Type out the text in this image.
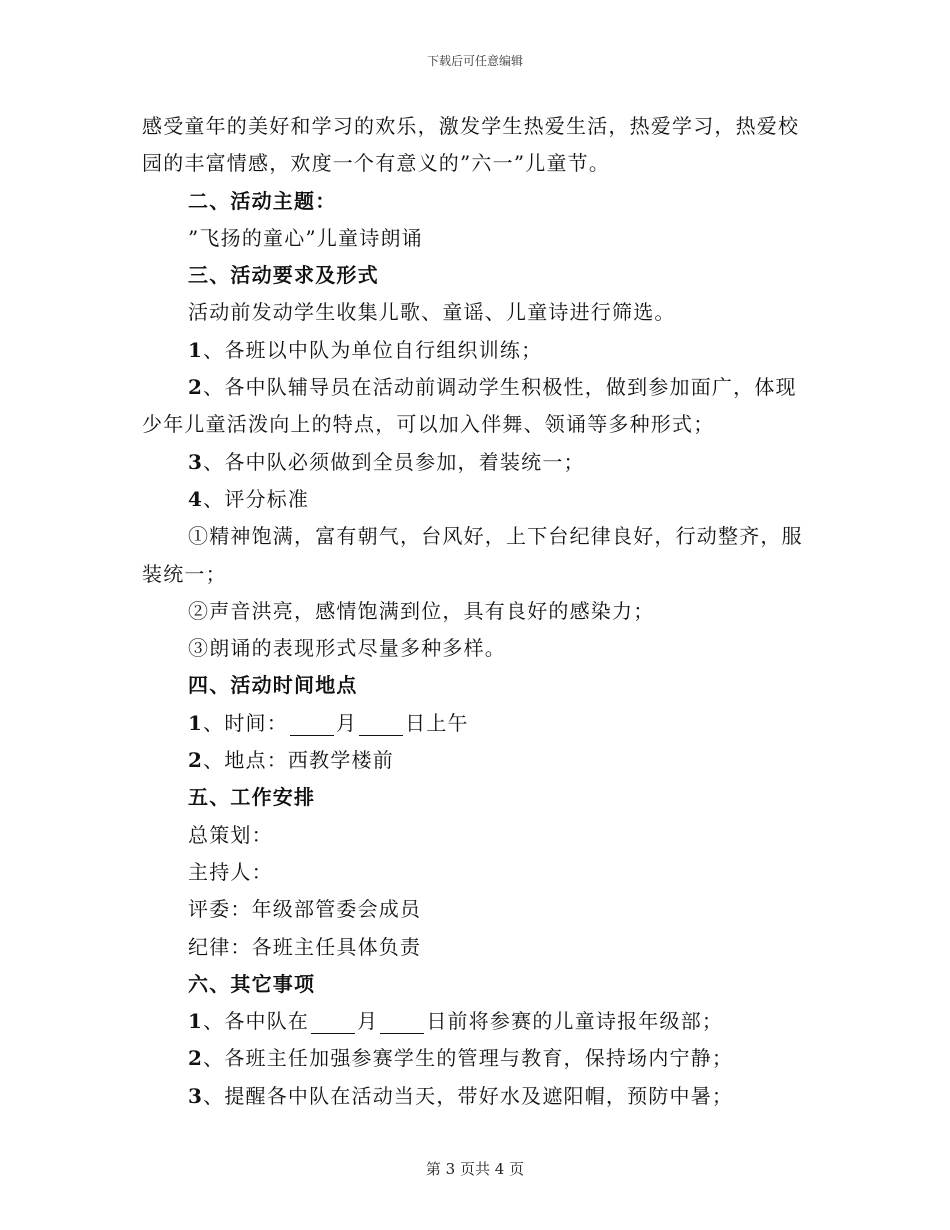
下载后可任意编辑

感受童年的美好和学习的欢乐，激发学生热爱生活，热爱学习，热爱校园的丰富情感，欢度一个有意义的”六一”儿童节。

二、活动主题：

”飞扬的童心”儿童诗朗诵

三、活动要求及形式

活动前发动学生收集儿歌、童谣、儿童诗进行筛选。

1、各班以中队为单位自行组织训练；

2、各中队辅导员在活动前调动学生积极性，做到参加面广，体现少年儿童活泼向上的特点，可以加入伴舞、领诵等多种形式；

3、各中队必须做到全员参加，着装统一；

4、评分标准

①精神饱满，富有朝气，台风好，上下台纪律良好，行动整齐，服装统一；

②声音洪亮，感情饱满到位，具有良好的感染力；

③朗诵的表现形式尽量多种多样。

四、活动时间地点

1、时间： 月 日上午

2、地点：西教学楼前

五、工作安排

总策划：

主持人：

评委：年级部管委会成员

纪律：各班主任具体负责

六、其它事项

1、各中队在 月 日前将参赛的儿童诗报年级部；

2、各班主任加强参赛学生的管理与教育，保持场内宁静；

3、提醒各中队在活动当天，带好水及遮阳帽，预防中暑；

第 3 页共 4 页
